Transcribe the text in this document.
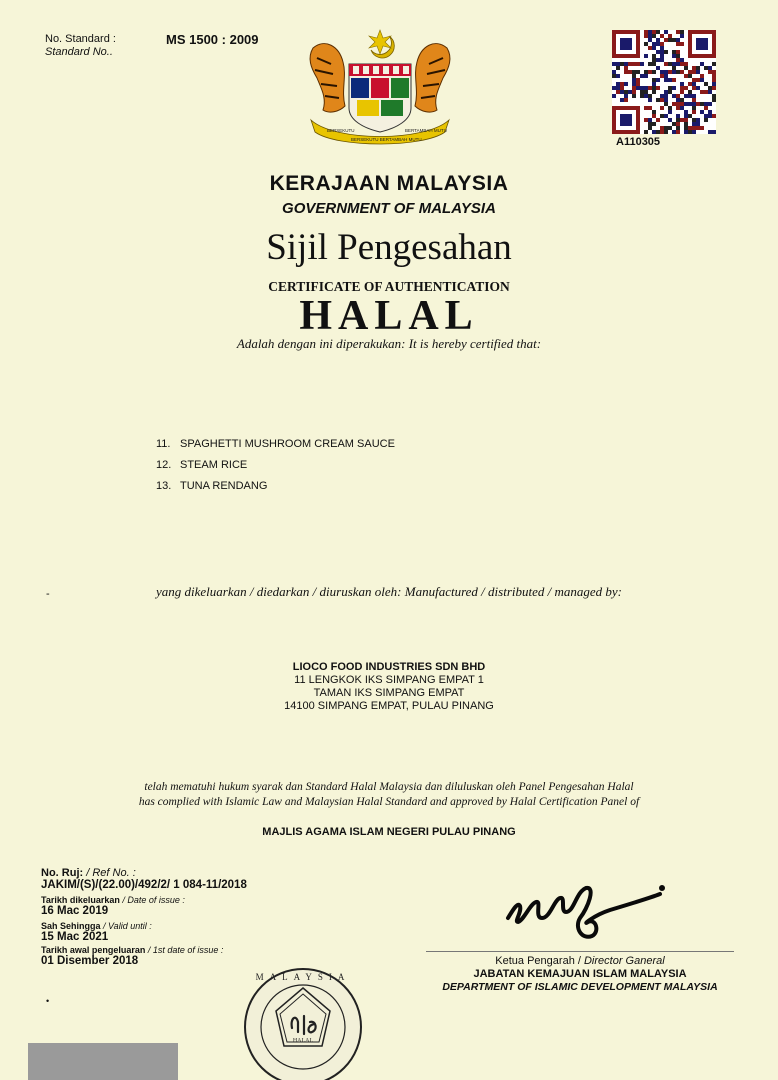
No. Standard :
Standard No..
MS 1500 : 2009
BERSEKUTU	BERTAMBAH MUTU
BERSEKUTU BERTAMBAH MUTU	A110305
KERAJAAN MALAYSIA
GOVERNMENT OF MALAYSIA
Sijil Pengesahan
CERTIFICATE OF AUTHENTICATION
HALAL
Adalah dengan ini diperakukan: It is hereby certified that:
11. SPAGHETTI MUSHROOM CREAM SAUCE
12. STEAM RICE
13. TUNA RENDANG
-	yang dikeluarkan / diedarkan / diuruskan oleh: Manufactured / distributed / managed by:
LIOCO FOOD INDUSTRIES SDN BHD
11 LENGKOK IKS SIMPANG EMPAT 1
TAMAN IKS SIMPANG EMPAT
14100 SIMPANG EMPAT, PULAU PINANG
telah mematuhi hukum syarak dan Standard Halal Malaysia dan diluluskan oleh Panel Pengesahan Halal
has complied with Islamic Law and Malaysian Halal Standard and approved by Halal Certification Panel of
MAJLIS AGAMA ISLAM NEGERI PULAU PINANG
No. Ruj: / Ref No. :
JAKIM/(S)/(22.00)/492/2/ 1 084-11/2018
Tarikh dikeluarkan / Date of issue :
16 Mac 2019
Sah Sehingga / Valid until :
15 Mac 2021
Tarikh awal pengeluaran / 1st date of issue :
01 Disember 2018	Ketua Pengarah / Director Ganeral
JABATAN KEMAJUAN ISLAM MALAYSIA
DEPARTMENT OF ISLAMIC DEVELOPMENT MALAYSIA
MALAYSIA
HALAL
•
